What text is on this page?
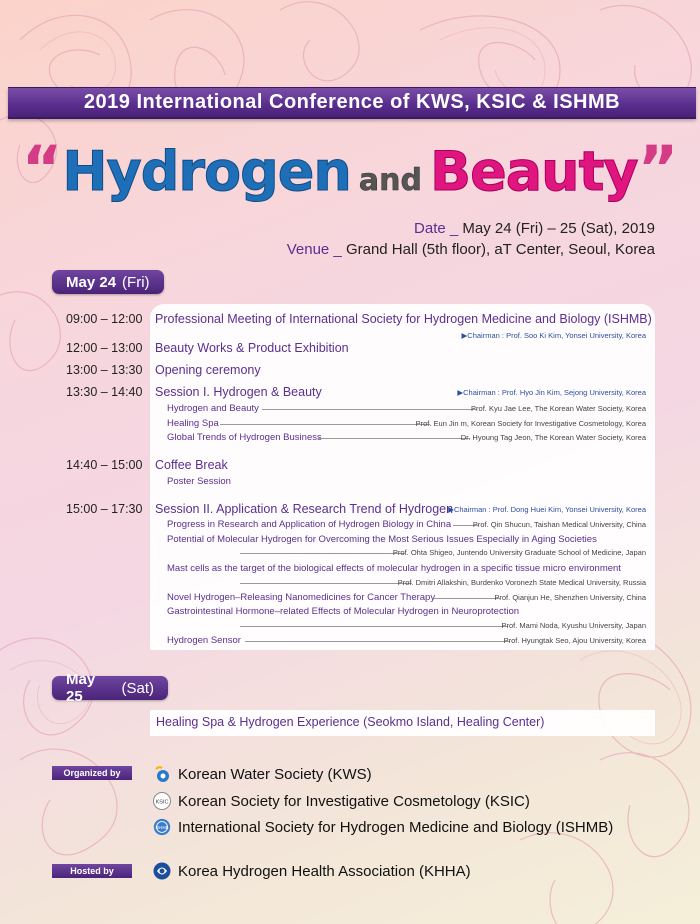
2019 International Conference of KWS, KSIC & ISHMB
“ Hydrogen and Beauty ”
Date _ May 24 (Fri) – 25 (Sat), 2019
Venue _ Grand Hall (5th floor), aT Center, Seoul, Korea
May 24 (Fri)
09:00 – 12:00	Professional Meeting of International Society for Hydrogen Medicine and Biology (ISHMB)
▶Chairman : Prof. Soo Ki Kim, Yonsei University, Korea
12:00 – 13:00	Beauty Works & Product Exhibition
13:00 – 13:30	Opening ceremony
13:30 – 14:40	Session I. Hydrogen & Beauty	▶Chairman : Prof. Hyo Jin Kim, Sejong University, Korea
Hydrogen and Beauty	Prof. Kyu Jae Lee, The Korean Water Society, Korea
Healing Spa	Prof. Eun Jin m, Korean Society for Investigative Cosmetology, Korea
Global Trends of Hydrogen Business	Dr. Hyoung Tag Jeon, The Korean Water Society, Korea
14:40 – 15:00	Coffee Break
Poster Session
15:00 – 17:30	Session II. Application & Research Trend of Hydrogen
▶Chairman : Prof. Dong Huei Kim, Yonsei University, Korea
Progress in Research and Application of Hydrogen Biology in China	Prof. Qin Shucun, Taishan Medical University, China
Potential of Molecular Hydrogen for Overcoming the Most Serious Issues Especially in Aging Societies
Prof. Ohta Shigeo, Juntendo University Graduate School of Medicine, Japan
Mast cells as the target of the biological effects of molecular hydrogen in a specific tissue micro environment
Prof. Dmitri Allakshin, Burdenko Voronezh State Medical University, Russia
Novel Hydrogen–Releasing Nanomedicines for Cancer Therapy	Prof. Qianjun He, Shenzhen University, China
Gastrointestinal Hormone–related Effects of Molecular Hydrogen in Neuroprotection
Prof. Mami Noda, Kyushu University, Japan
Hydrogen Sensor	Prof. Hyungtak Seo, Ajou University, Korea
May 25	(Sat)
Healing Spa & Hydrogen Experience (Seokmo Island, Healing Center)
Organized by	Korean Water Society (KWS)
KSIC Korean Society for Investigative Cosmetology (KSIC)
ISHMB International Society for Hydrogen Medicine and Biology (ISHMB)
Hosted by	Korea Hydrogen Health Association (KHHA)
